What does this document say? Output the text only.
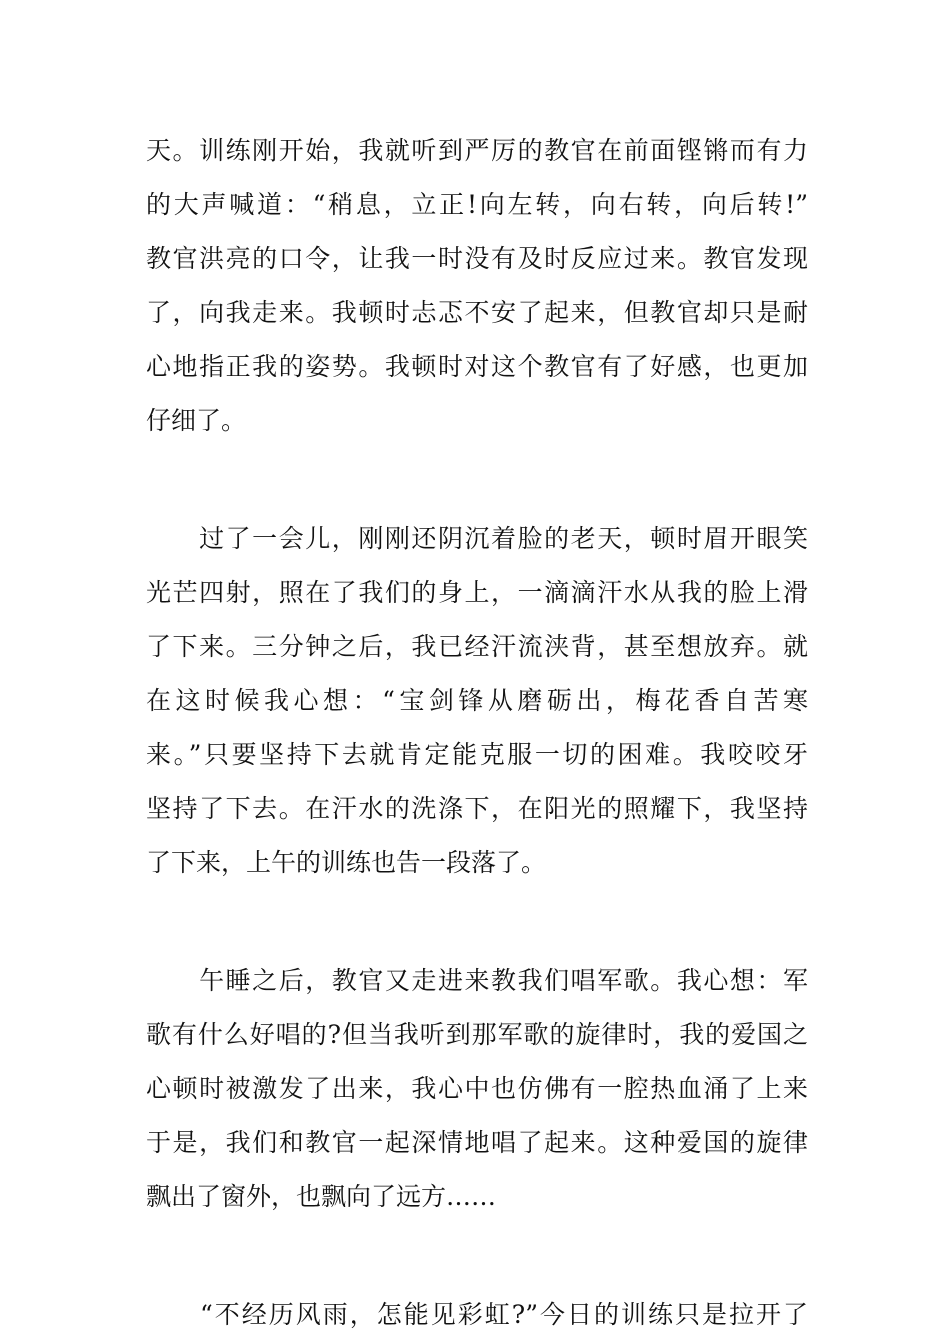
天。训练刚开始，我就听到严厉的教官在前面铿锵而有力
的大声喊道：“稍息，立正!向左转，向右转，向后转!”
教官洪亮的口令，让我一时没有及时反应过来。教官发现
了，向我走来。我顿时忐忑不安了起来，但教官却只是耐
心地指正我的姿势。我顿时对这个教官有了好感，也更加
仔细了。
　　过了一会儿，刚刚还阴沉着脸的老天，顿时眉开眼笑
光芒四射，照在了我们的身上，一滴滴汗水从我的脸上滑
了下来。三分钟之后，我已经汗流浃背，甚至想放弃。就
在这时候我心想：“宝剑锋从磨砺出，梅花香自苦寒
来。”只要坚持下去就肯定能克服一切的困难。我咬咬牙
坚持了下去。在汗水的洗涤下，在阳光的照耀下，我坚持
了下来，上午的训练也告一段落了。
　　午睡之后，教官又走进来教我们唱军歌。我心想：军
歌有什么好唱的?但当我听到那军歌的旋律时，我的爱国之
心顿时被激发了出来，我心中也仿佛有一腔热血涌了上来
于是，我们和教官一起深情地唱了起来。这种爱国的旋律
飘出了窗外，也飘向了远方……
　　“不经历风雨，怎能见彩虹?”今日的训练只是拉开了
